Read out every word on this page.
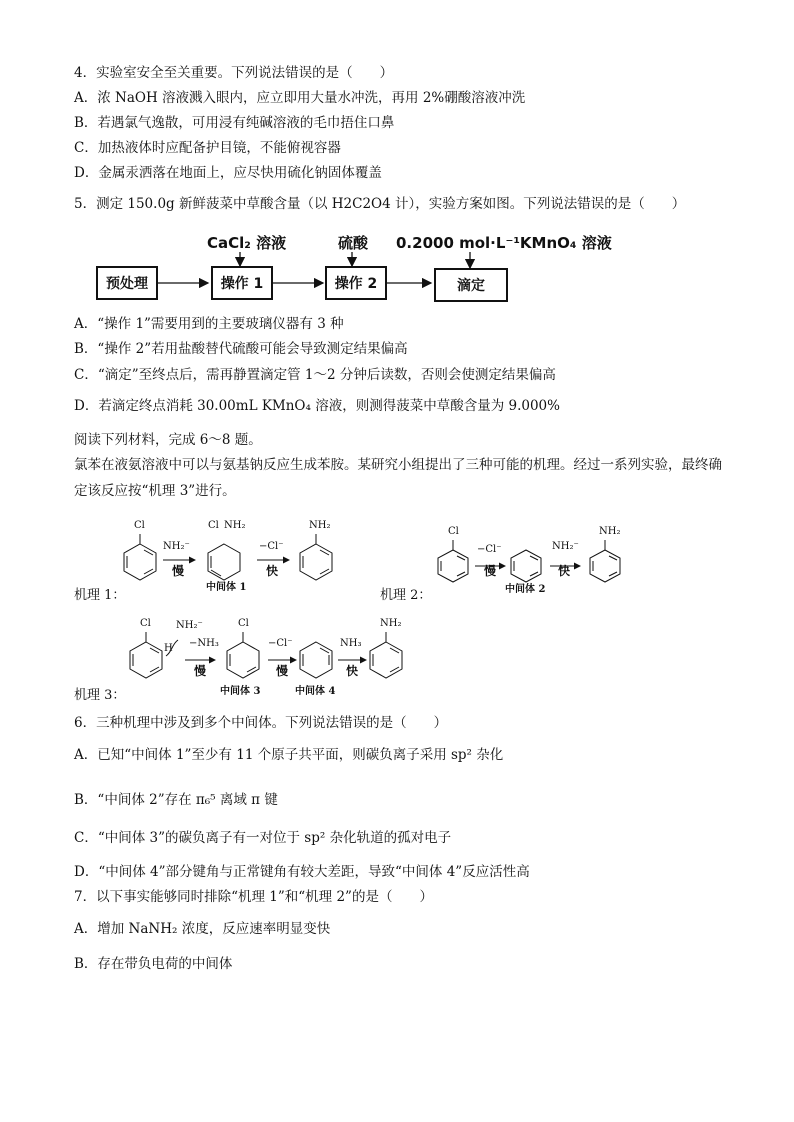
4．实验室安全至关重要。下列说法错误的是（　　）
A．浓 NaOH 溶液溅入眼内，应立即用大量水冲洗，再用 2%硼酸溶液冲洗
B．若遇氯气逸散，可用浸有纯碱溶液的毛巾捂住口鼻
C．加热液体时应配备护目镜，不能俯视容器
D．金属汞洒落在地面上，应尽快用硫化钠固体覆盖
5．测定 150.0g 新鲜菠菜中草酸含量（以 H2C2O4 计），实验方案如图。下列说法错误的是（　　）
CaCl₂ 溶液	硫酸 0.2000 mol·L⁻¹KMnO₄ 溶液
预处理	操作 1	操作 2	滴定
A．“操作 1”需要用到的主要玻璃仪器有 3 种
B．“操作 2”若用盐酸替代硫酸可能会导致测定结果偏高
C．“滴定”至终点后，需再静置滴定管 1～2 分钟后读数，否则会使测定结果偏高
D．若滴定终点消耗 30.00mL KMnO₄ 溶液，则测得菠菜中草酸含量为 9.000%
阅读下列材料，完成 6～8 题。
氯苯在液氨溶液中可以与氨基钠反应生成苯胺。某研究小组提出了三种可能的机理。经过一系列实验，最终确定该反应按“机理 3”进行。
Cl
NH₂⁻
慢
Cl NH₂
−Cl⁻
快
NH₂
中间体 1
机理 1：
Cl
−Cl⁻
慢
NH₂⁻
快
NH₂
中间体 2
机理 2：
Cl	NH₂⁻
H −NH₃
慢
Cl
−Cl⁻
慢
NH₃
快
NH₂
中间体 3	中间体 4
机理 3：
6．三种机理中涉及到多个中间体。下列说法错误的是（　　）
A．已知“中间体 1”至少有 11 个原子共平面，则碳负离子采用 sp² 杂化
B．“中间体 2”存在 π₆⁵ 离域 π 键
C．“中间体 3”的碳负离子有一对位于 sp² 杂化轨道的孤对电子
D．“中间体 4”部分键角与正常键角有较大差距，导致“中间体 4”反应活性高
7．以下事实能够同时排除“机理 1”和“机理 2”的是（　　）
A．增加 NaNH₂ 浓度，反应速率明显变快
B．存在带负电荷的中间体
